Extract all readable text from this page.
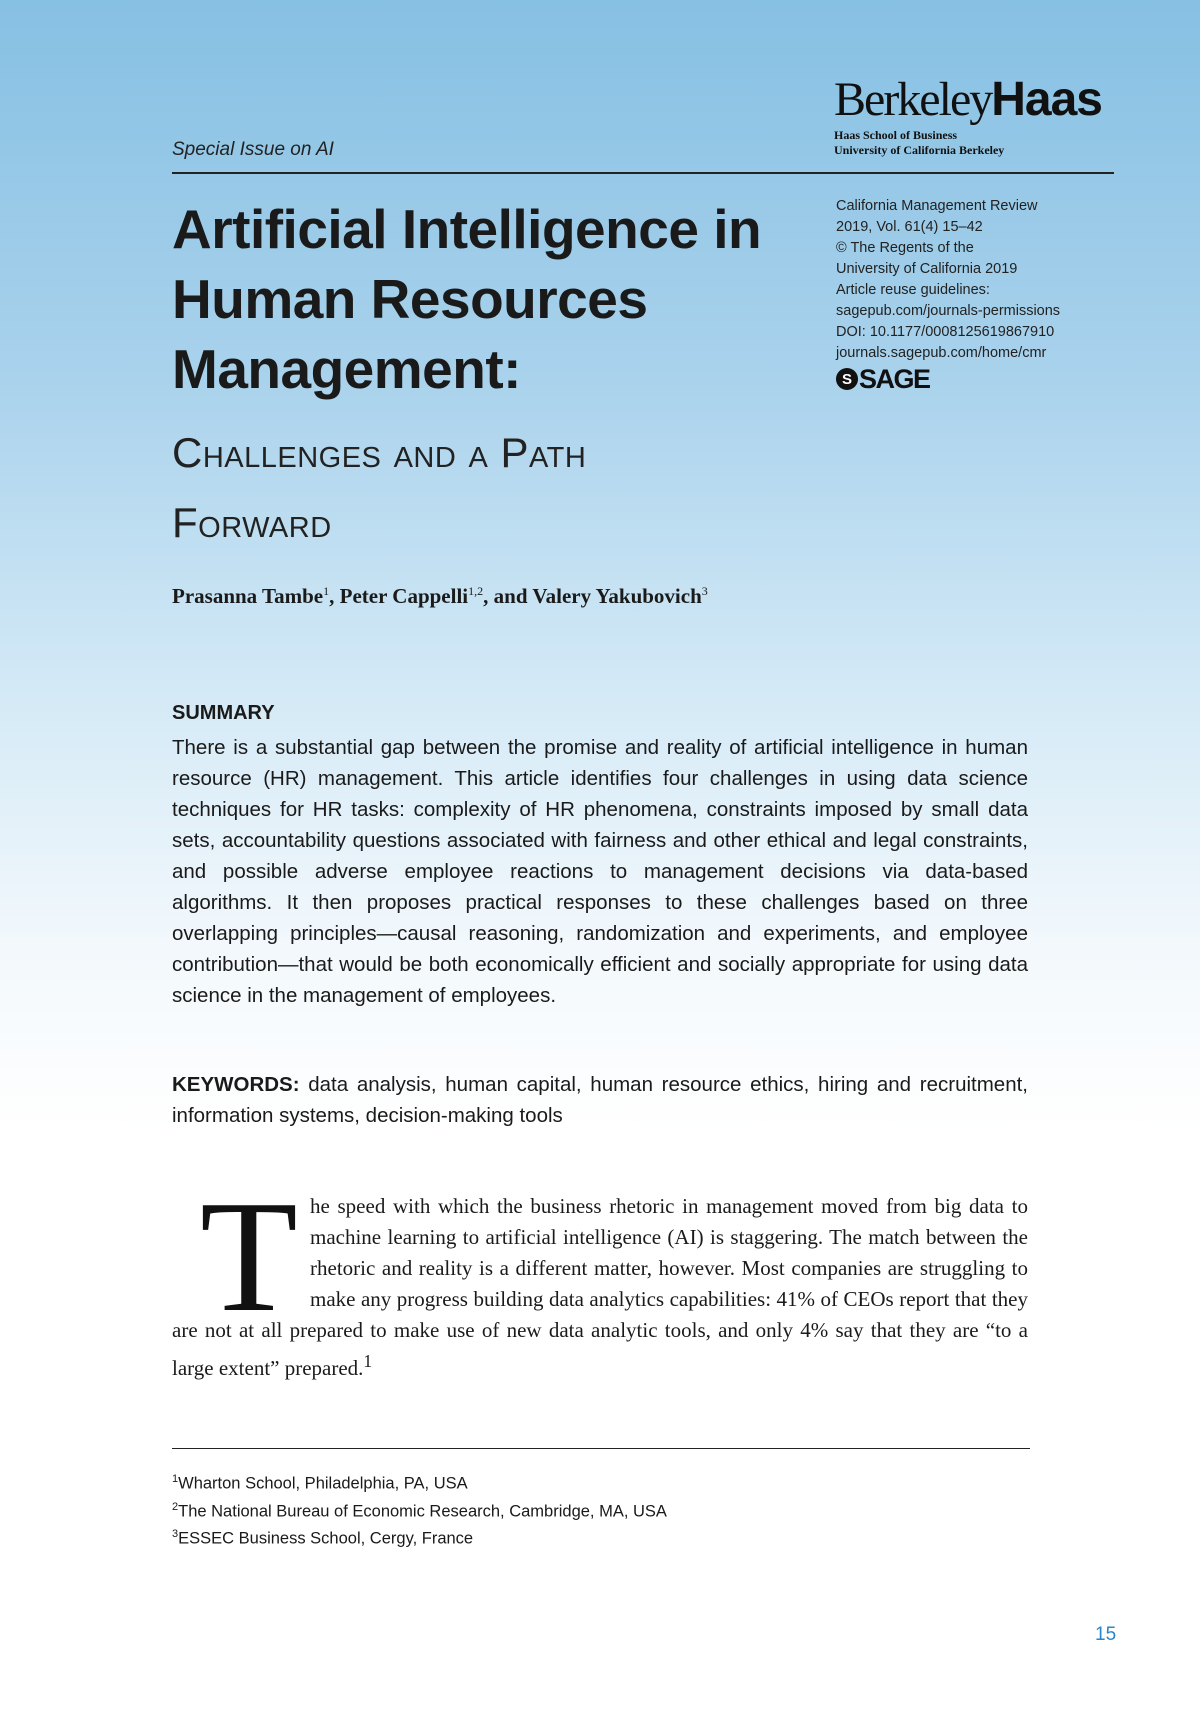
Special Issue on AI
BerkeleyHaas
Haas School of Business
University of California Berkeley
Artificial Intelligence in Human Resources Management:
Challenges and a Path Forward
California Management Review
2019, Vol. 61(4) 15–42
© The Regents of the
University of California 2019
Article reuse guidelines:
sagepub.com/journals-permissions
DOI: 10.1177/0008125619867910
journals.sagepub.com/home/cmr
S SAGE
Prasanna Tambe$^1$, Peter Cappelli$^{1,2}$, and Valery Yakubovich$^3$
SUMMARY

There is a substantial gap between the promise and reality of artificial intelligence in human resource (HR) management. This article identifies four challenges in using data science techniques for HR tasks: complexity of HR phenomena, constraints imposed by small data sets, accountability questions associated with fairness and other ethical and legal constraints, and possible adverse employee reactions to management decisions via data-based algorithms. It then proposes practical responses to these challenges based on three overlapping principles—causal reasoning, randomization and experiments, and employee contribution—that would be both economically efficient and socially appropriate for using data science in the management of employees.

KEYWORDS: data analysis, human capital, human resource ethics, hiring and recruitment, information systems, decision-making tools

T he speed with which the business rhetoric in management moved from big data to machine learning to artificial intelligence (AI) is staggering. The match between the rhetoric and reality is a different matter, however. Most companies are struggling to make any progress building data analytics capabilities: 41% of CEOs report that they are not at all prepared to make use of new data analytic tools, and only 4% say that they are “to a large extent” prepared.$^1$

$^1$Wharton School, Philadelphia, PA, USA
$^2$The National Bureau of Economic Research, Cambridge, MA, USA
$^3$ESSEC Business School, Cergy, France
15
